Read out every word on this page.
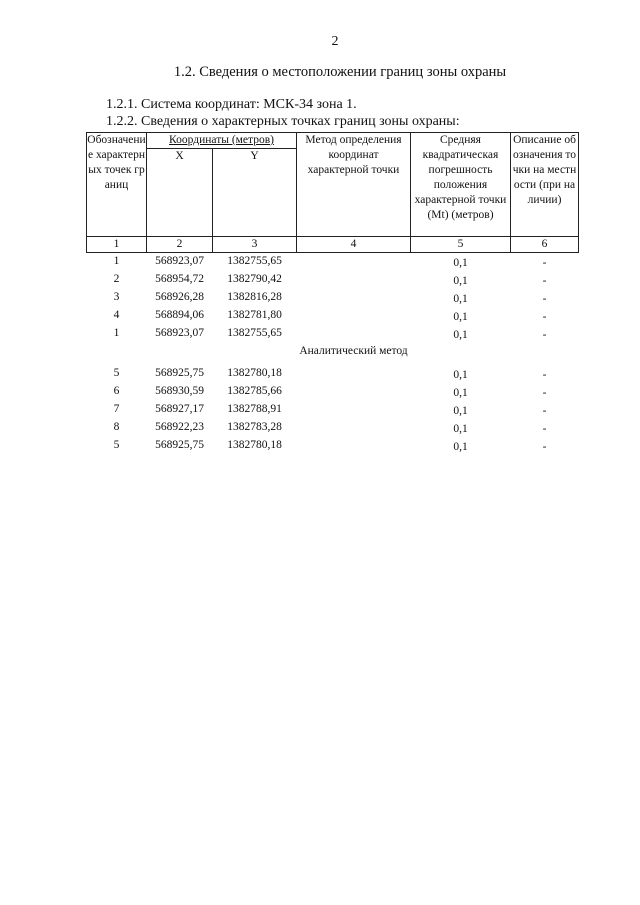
2
1.2. Сведения о местоположении границ зоны охраны
1.2.1. Система координат: МСК-34 зона 1.
1.2.2. Сведения о характерных точках границ зоны охраны:
Обозначение характерных точек границ	Координаты (метров)		Метод определения координат характерной точки	Средняя квадратическая погрешность положения характерной точки (Mt) (метров)	Описание обозначения точки на местности (при наличии)
	X	Y			
1	2	3	4	5	6
1	568923,07	1382755,65		0,1	-
2	568954,72	1382790,42		0,1	-
3	568926,28	1382816,28		0,1	-
4	568894,06	1382781,80		0,1	-
1	568923,07	1382755,65		0,1	-

			Аналитический метод		

5	568925,75	1382780,18		0,1	-
6	568930,59	1382785,66		0,1	-
7	568927,17	1382788,91		0,1	-
8	568922,23	1382783,28		0,1	-
5	568925,75	1382780,18		0,1	-
